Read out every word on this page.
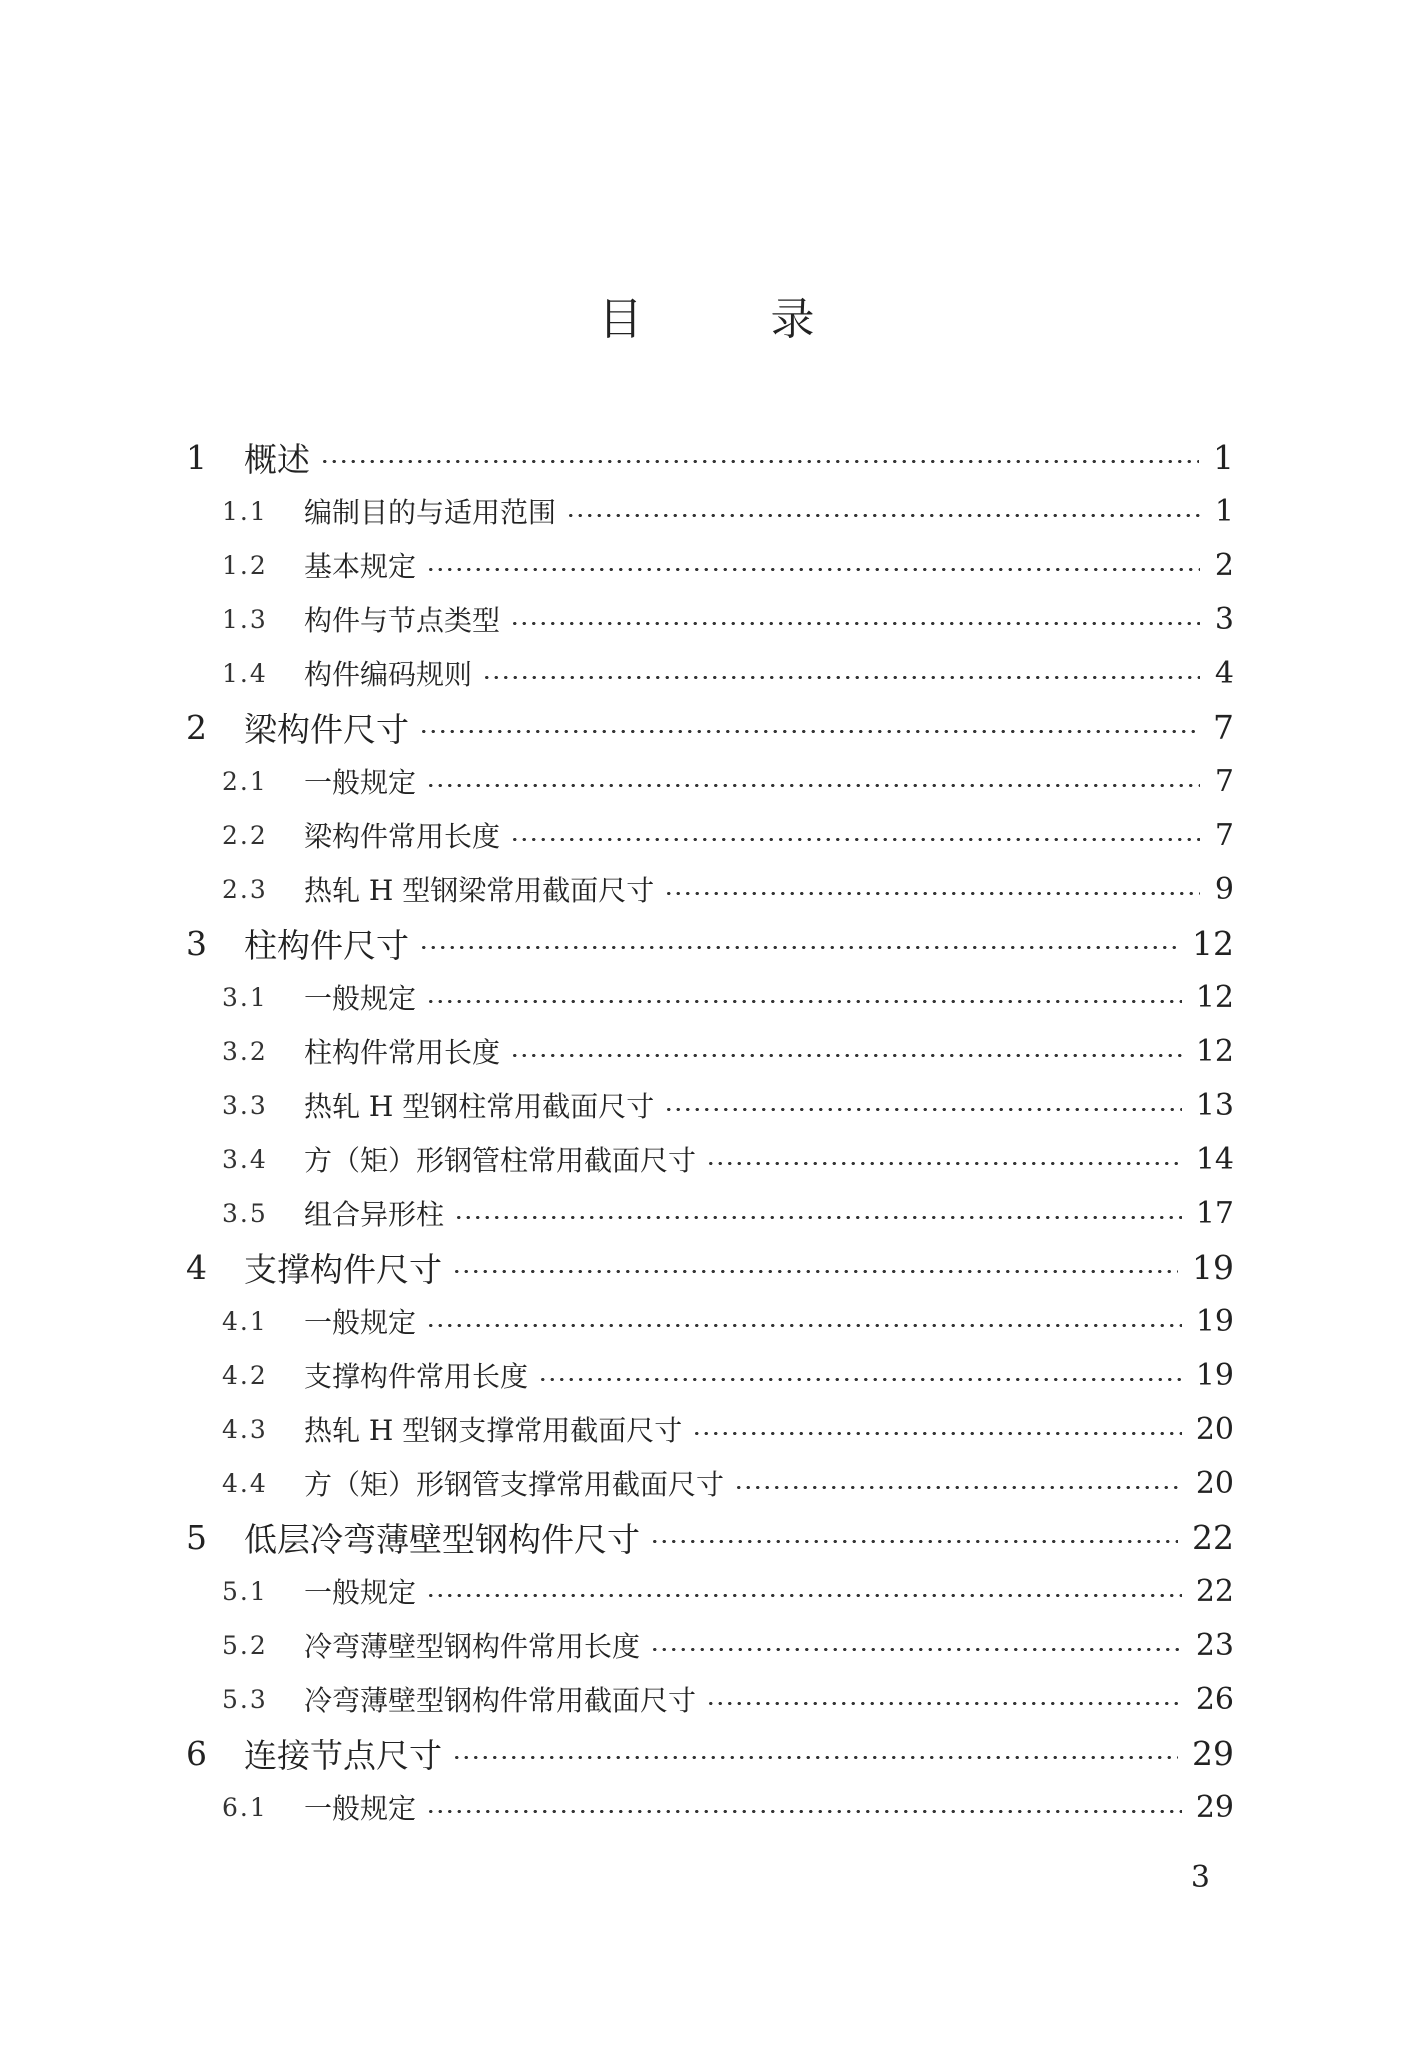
目	录
1	概述	1
1.1	编制目的与适用范围	1
1.2	基本规定	2
1.3	构件与节点类型	3
1.4	构件编码规则	4
2	梁构件尺寸	7
2.1	一般规定	7
2.2	梁构件常用长度	7
2.3	热轧 H 型钢梁常用截面尺寸	9
3	柱构件尺寸	12
3.1	一般规定	12
3.2	柱构件常用长度	12
3.3	热轧 H 型钢柱常用截面尺寸	13
3.4	方（矩）形钢管柱常用截面尺寸	14
3.5	组合异形柱	17
4	支撑构件尺寸	19
4.1	一般规定	19
4.2	支撑构件常用长度	19
4.3	热轧 H 型钢支撑常用截面尺寸	20
4.4	方（矩）形钢管支撑常用截面尺寸	20
5	低层冷弯薄壁型钢构件尺寸	22
5.1	一般规定	22
5.2	冷弯薄壁型钢构件常用长度	23
5.3	冷弯薄壁型钢构件常用截面尺寸	26
6	连接节点尺寸	29
6.1	一般规定	29
3
